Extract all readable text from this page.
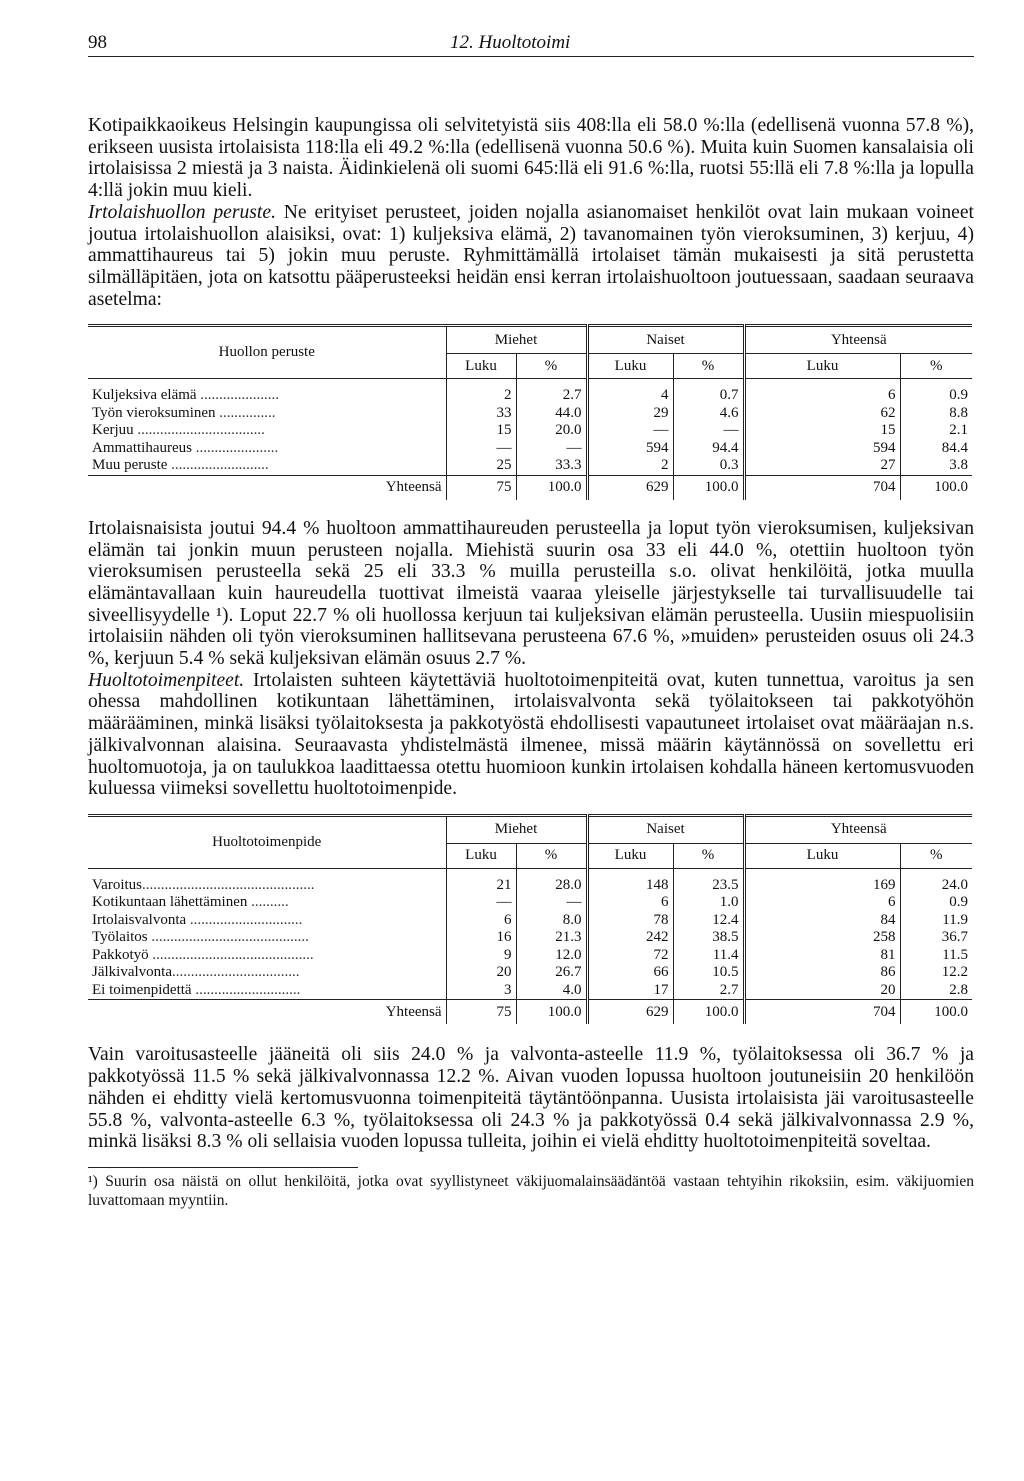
98	12. Huoltotoimi

Kotipaikkaoikeus Helsingin kaupungissa oli selvitetyistä siis 408:lla eli 58.0 %:lla (edellisenä vuonna 57.8 %), erikseen uusista irtolaisista 118:lla eli 49.2 %:lla (edellisenä vuonna 50.6 %). Muita kuin Suomen kansalaisia oli irtolaisissa 2 miestä ja 3 naista. Äidinkielenä oli suomi 645:llä eli 91.6 %:lla, ruotsi 55:llä eli 7.8 %:lla ja lopulla 4:llä jokin muu kieli.

Irtolaishuollon peruste. Ne erityiset perusteet, joiden nojalla asianomaiset henkilöt ovat lain mukaan voineet joutua irtolaishuollon alaisiksi, ovat: 1) kuljeksiva elämä, 2) tavanomainen työn vieroksuminen, 3) kerjuu, 4) ammattihaureus tai 5) jokin muu peruste. Ryhmittämällä irtolaiset tämän mukaisesti ja sitä perustetta silmälläpitäen, jota on katsottu pääperusteeksi heidän ensi kerran irtolaishuoltoon joutuessaan, saadaan seuraava asetelma:

Huollon peruste		Miehet		Naiset		Yhteensä	
		Luku	%	Luku	%	Luku	%
Kuljeksiva elämä .....................		2	2.7	4	0.7	6	0.9
Työn vieroksuminen ...............		33	44.0	29	4.6	62	8.8
Kerjuu ..................................		15	20.0	—	—	15	2.1
Ammattihaureus ......................		—	—	594	94.4	594	84.4
Muu peruste ..........................		25	33.3	2	0.3	27	3.8
	Yhteensä	75	100.0	629	100.0	704	100.0

Irtolaisnaisista joutui 94.4 % huoltoon ammattihaureuden perusteella ja loput työn vieroksumisen, kuljeksivan elämän tai jonkin muun perusteen nojalla. Miehistä suurin osa 33 eli 44.0 %, otettiin huoltoon työn vieroksumisen perusteella sekä 25 eli 33.3 % muilla perusteilla s.o. olivat henkilöitä, jotka muulla elämäntavallaan kuin haureudella tuottivat ilmeistä vaaraa yleiselle järjestykselle tai turvallisuudelle tai siveellisyydelle ¹). Loput 22.7 % oli huollossa kerjuun tai kuljeksivan elämän perusteella. Uusiin miespuolisiin irtolaisiin nähden oli työn vieroksuminen hallitsevana perusteena 67.6 %, »muiden» perusteiden osuus oli 24.3 %, kerjuun 5.4 % sekä kuljeksivan elämän osuus 2.7 %.

Huoltotoimenpiteet. Irtolaisten suhteen käytettäviä huoltotoimenpiteitä ovat, kuten tunnettua, varoitus ja sen ohessa mahdollinen kotikuntaan lähettäminen, irtolaisvalvonta sekä työlaitokseen tai pakkotyöhön määrääminen, minkä lisäksi työlaitoksesta ja pakkotyöstä ehdollisesti vapautuneet irtolaiset ovat määräajan n.s. jälkivalvonnan alaisina. Seuraavasta yhdistelmästä ilmenee, missä määrin käytännössä on sovellettu eri huoltomuotoja, ja on taulukkoa laadittaessa otettu huomioon kunkin irtolaisen kohdalla häneen kertomusvuoden kuluessa viimeksi sovellettu huoltotoimenpide.

Huoltotoimenpide		Miehet		Naiset		Yhteensä	
		Luku	%	Luku	%	Luku	%
Varoitus..............................................		21	28.0	148	23.5	169	24.0
Kotikuntaan lähettäminen ..........		—	—	6	1.0	6	0.9
Irtolaisvalvonta ..............................		6	8.0	78	12.4	84	11.9
Työlaitos ..........................................		16	21.3	242	38.5	258	36.7
Pakkotyö ...........................................		9	12.0	72	11.4	81	11.5
Jälkivalvonta..................................		20	26.7	66	10.5	86	12.2
Ei toimenpidettä ............................		3	4.0	17	2.7	20	2.8
	Yhteensä	75	100.0	629	100.0	704	100.0

Vain varoitusasteelle jääneitä oli siis 24.0 % ja valvonta-asteelle 11.9 %, työlaitoksessa oli 36.7 % ja pakkotyössä 11.5 % sekä jälkivalvonnassa 12.2 %. Aivan vuoden lopussa huoltoon joutuneisiin 20 henkilöön nähden ei ehditty vielä kertomusvuonna toimenpiteitä täytäntöönpanna. Uusista irtolaisista jäi varoitusasteelle 55.8 %, valvonta-asteelle 6.3 %, työlaitoksessa oli 24.3 % ja pakkotyössä 0.4 sekä jälkivalvonnassa 2.9 %, minkä lisäksi 8.3 % oli sellaisia vuoden lopussa tulleita, joihin ei vielä ehditty huoltotoimenpiteitä soveltaa.

¹) Suurin osa näistä on ollut henkilöitä, jotka ovat syyllistyneet väkijuomalainsäädäntöä vastaan tehtyihin rikoksiin, esim. väkijuomien luvattomaan myyntiin.
